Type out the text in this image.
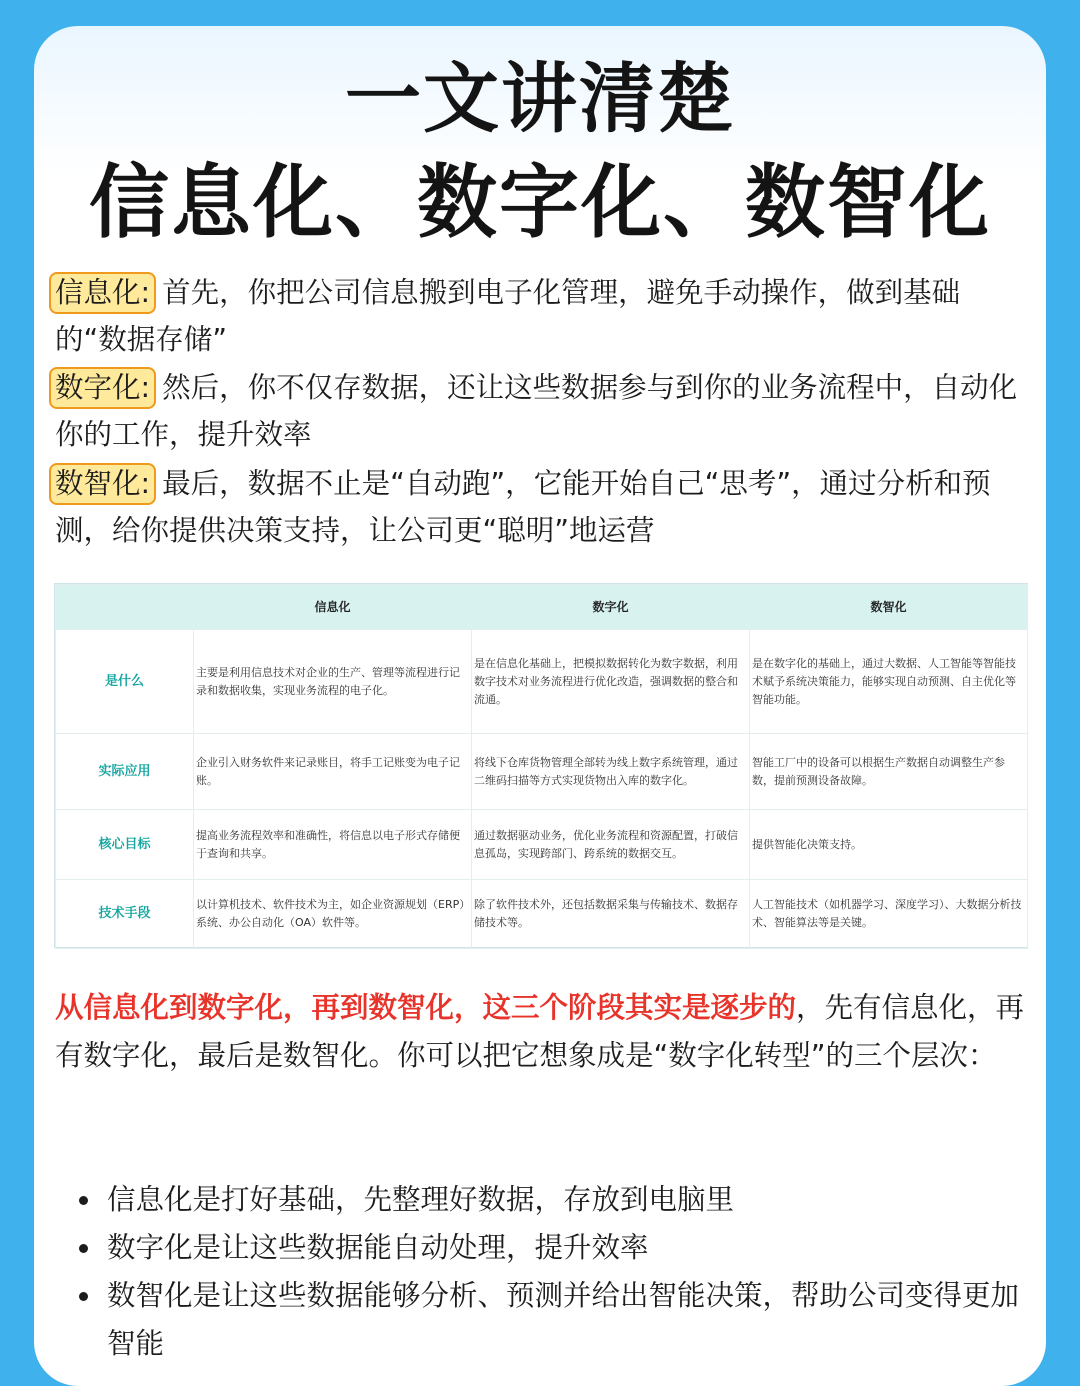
一文讲清楚
信息化、数字化、数智化

信息化: 首先，你把公司信息搬到电子化管理，避免手动操作，做到基础的“数据存储”

数字化: 然后，你不仅存数据，还让这些数据参与到你的业务流程中，自动化你的工作，提升效率

数智化: 最后，数据不止是“自动跑”，它能开始自己“思考”，通过分析和预测，给你提供决策支持，让公司更“聪明”地运营

	信息化	数字化	数智化
是什么	主要是利用信息技术对企业的生产、管理等流程进行记录和数据收集，实现业务流程的电子化。	是在信息化基础上，把模拟数据转化为数字数据，利用数字技术对业务流程进行优化改造，强调数据的整合和流通。	是在数字化的基础上，通过大数据、人工智能等智能技术赋予系统决策能力，能够实现自动预测、自主优化等智能功能。
实际应用	企业引入财务软件来记录账目，将手工记账变为电子记账。	将线下仓库货物管理全部转为线上数字系统管理，通过二维码扫描等方式实现货物出入库的数字化。	智能工厂中的设备可以根据生产数据自动调整生产参数，提前预测设备故障。
核心目标	提高业务流程效率和准确性，将信息以电子形式存储便于查询和共享。	通过数据驱动业务，优化业务流程和资源配置，打破信息孤岛，实现跨部门、跨系统的数据交互。	提供智能化决策支持。
技术手段	以计算机技术、软件技术为主，如企业资源规划（ERP）系统、办公自动化（OA）软件等。	除了软件技术外，还包括数据采集与传输技术、数据存储技术等。	人工智能技术（如机器学习、深度学习）、大数据分析技术、智能算法等是关键。

从信息化到数字化，再到数智化，这三个阶段其实是逐步的，先有信息化，再有数字化，最后是数智化。你可以把它想象成是“数字化转型”的三个层次：

信息化是打好基础，先整理好数据，存放到电脑里
数字化是让这些数据能自动处理，提升效率
数智化是让这些数据能够分析、预测并给出智能决策，帮助公司变得更加智能
